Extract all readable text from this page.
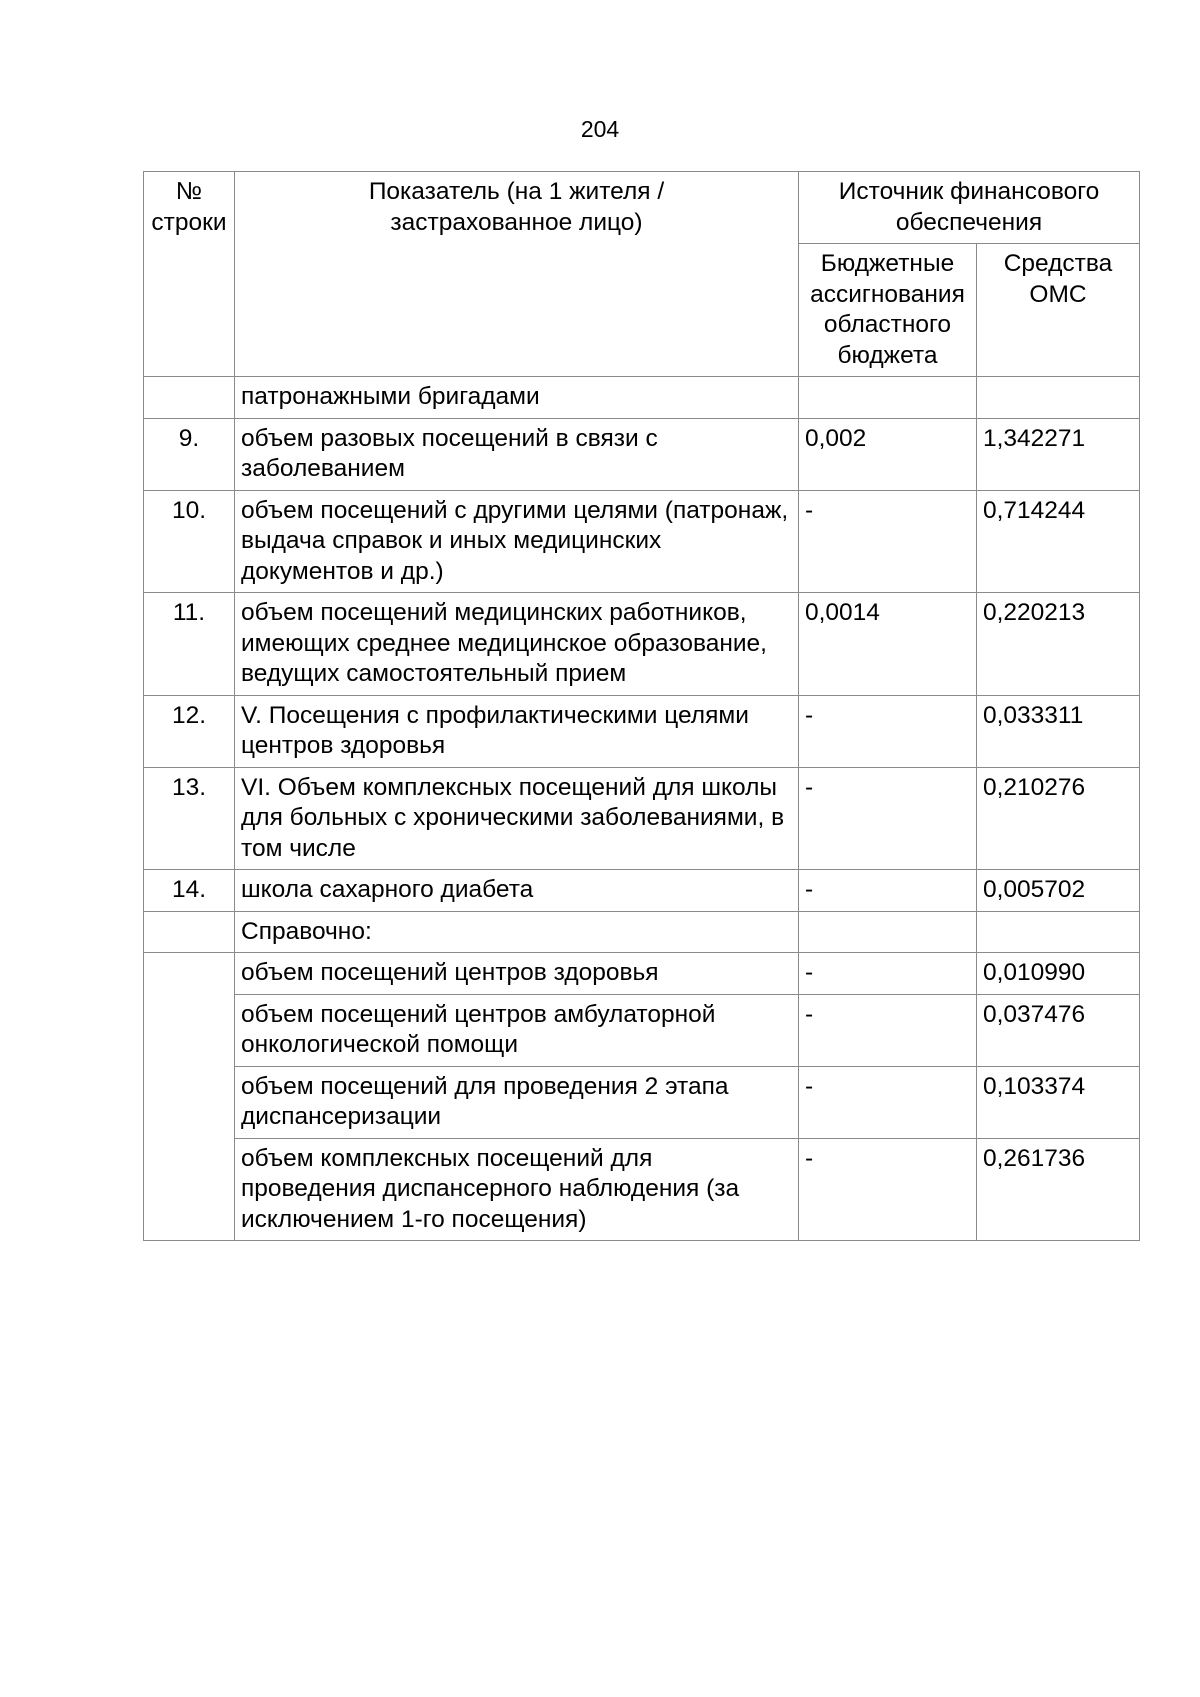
204
№ строки	Показатель (на 1 жителя / застрахованное лицо)	Источник финансового обеспечения	
		Бюджетные ассигнования областного бюджета	Средства ОМС
	патронажными бригадами		
9.	объем разовых посещений в связи с заболеванием	0,002	1,342271
10.	объем посещений с другими целями (патронаж, выдача справок и иных медицинских документов и др.)	-	0,714244
11.	объем посещений медицинских работников, имеющих среднее медицинское образование, ведущих самостоятельный прием	0,0014	0,220213
12.	V. Посещения с профилактическими целями центров здоровья	-	0,033311
13.	VI. Объем комплексных посещений для школы для больных с хроническими заболеваниями, в том числе	-	0,210276
14.	школа сахарного диабета	-	0,005702
	Справочно:		
	объем посещений центров здоровья	-	0,010990
	объем посещений центров амбулаторной онкологической помощи	-	0,037476
	объем посещений для проведения 2 этапа диспансеризации	-	0,103374
	объем комплексных посещений для проведения диспансерного наблюдения (за исключением 1-го посещения)	-	0,261736
